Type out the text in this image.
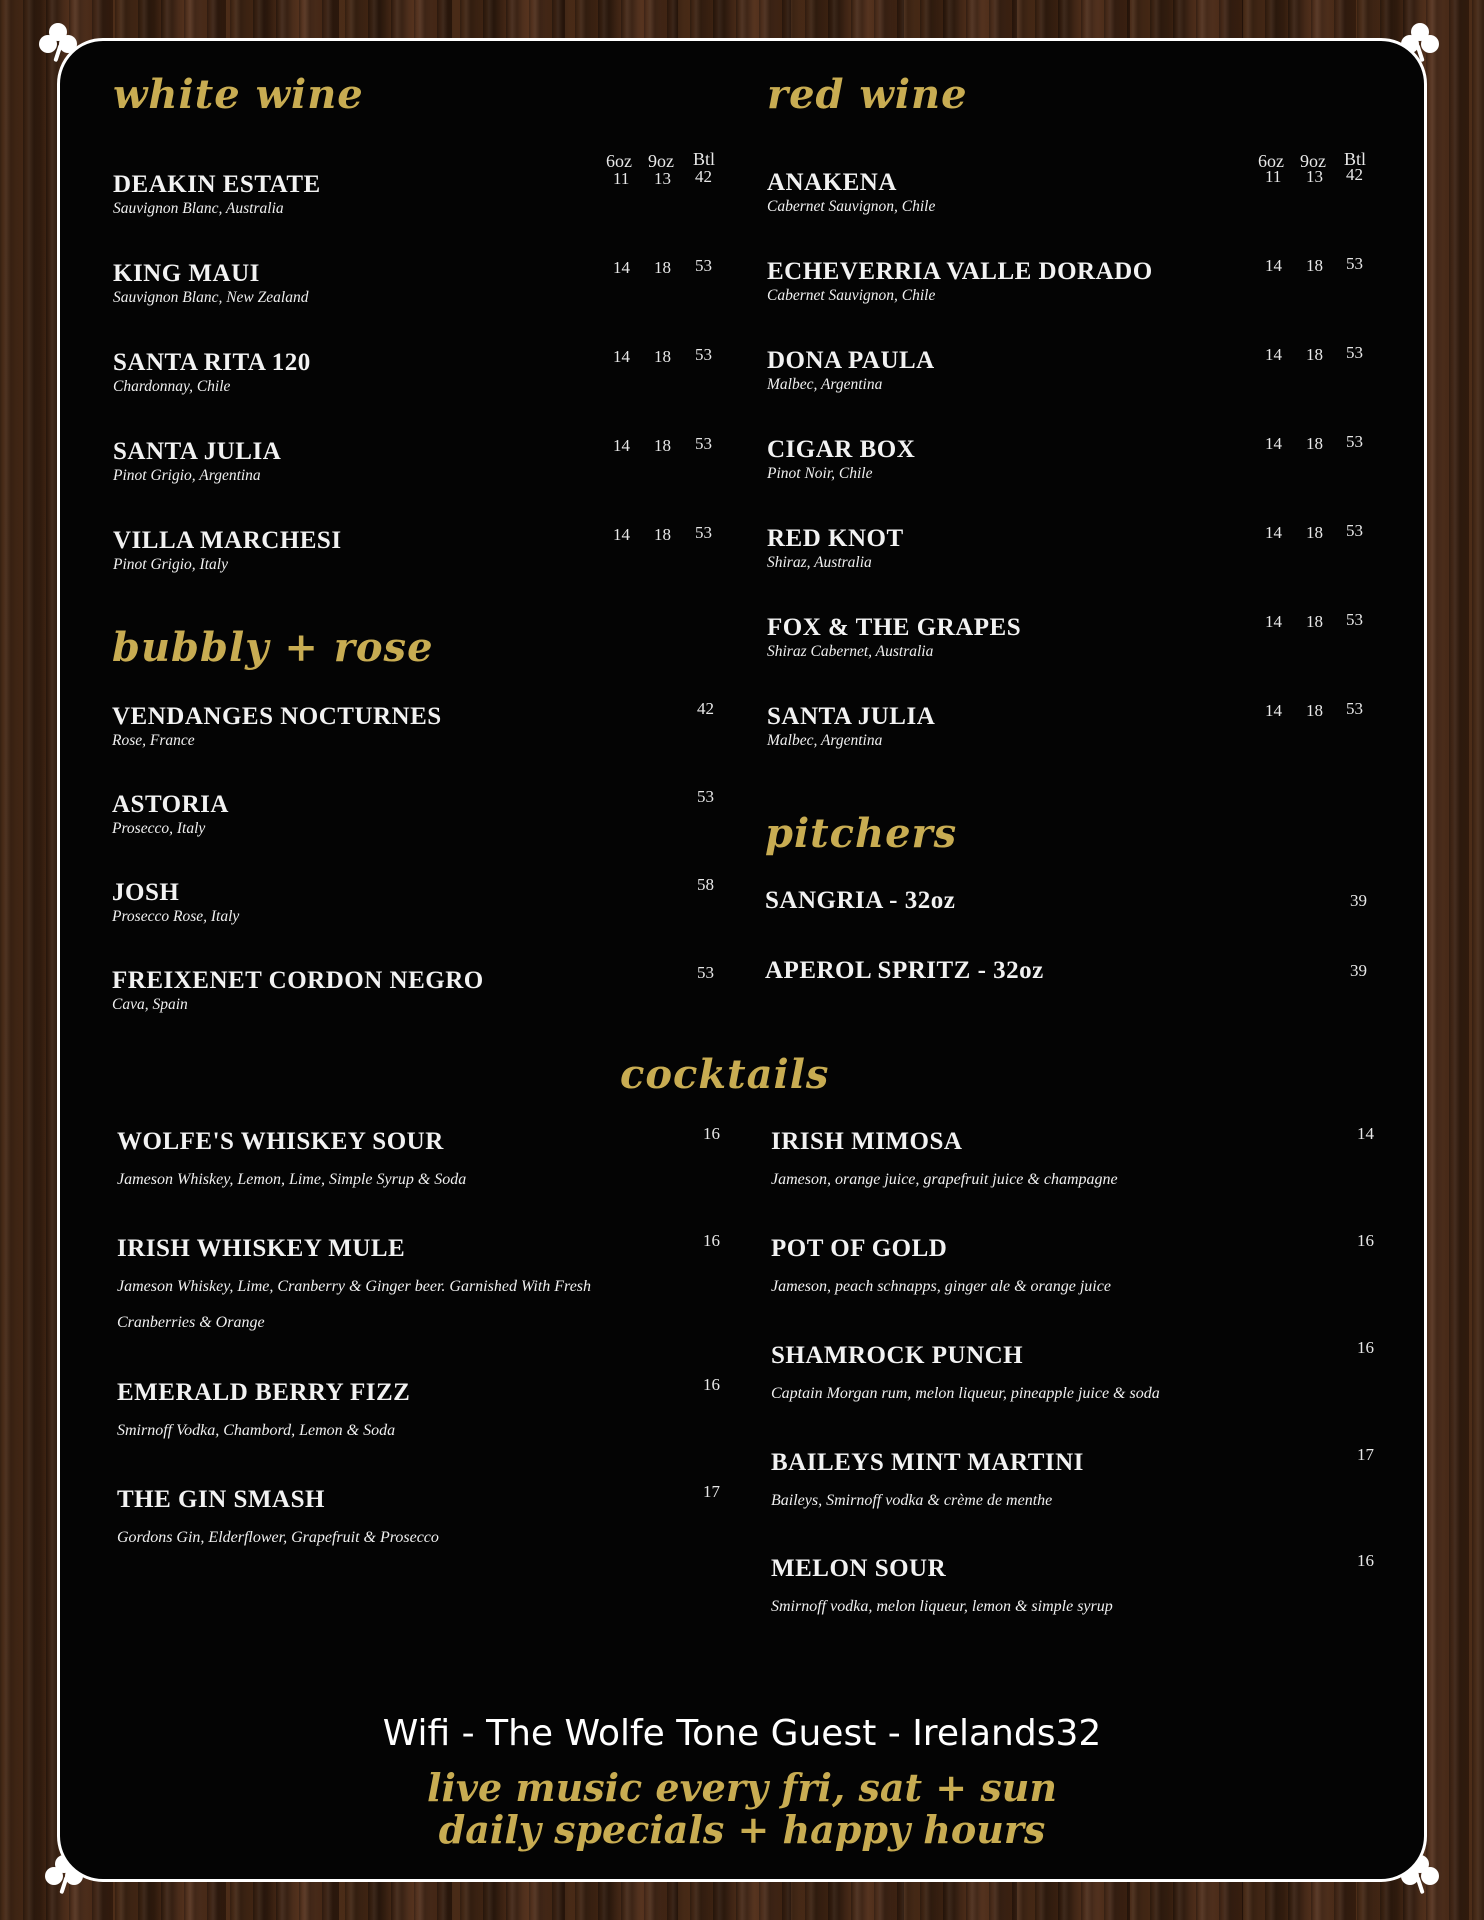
white wine
6oz 9oz Btl
DEAKIN ESTATE
Sauvignon Blanc, Australia
11 13 42
KING MAUI
Sauvignon Blanc, New Zealand
14 18 53
SANTA RITA 120
Chardonnay, Chile
14 18 53
SANTA JULIA
Pinot Grigio, Argentina
14 18 53
VILLA MARCHESI
Pinot Grigio, Italy
14 18 53
bubbly + rose
VENDANGES NOCTURNES
Rose, France
42
ASTORIA
Prosecco, Italy
53
JOSH
Prosecco Rose, Italy
58
FREIXENET CORDON NEGRO
Cava, Spain
53
red wine
6oz 9oz Btl
ANAKENA
Cabernet Sauvignon, Chile
11 13 42
ECHEVERRIA VALLE DORADO
Cabernet Sauvignon, Chile
14 18 53
DONA PAULA
Malbec, Argentina
14 18 53
CIGAR BOX
Pinot Noir, Chile
14 18 53
RED KNOT
Shiraz, Australia
14 18 53
FOX & THE GRAPES
Shiraz Cabernet, Australia
14 18 53
SANTA JULIA
Malbec, Argentina
14 18 53
pitchers
SANGRIA - 32oz	39
APEROL SPRITZ - 32oz	39
cocktails
WOLFE'S WHISKEY SOUR
Jameson Whiskey, Lemon, Lime, Simple Syrup & Soda
16
IRISH WHISKEY MULE
Jameson Whiskey, Lime, Cranberry & Ginger beer. Garnished With Fresh Cranberries & Orange
16
EMERALD BERRY FIZZ
Smirnoff Vodka, Chambord, Lemon & Soda
16
THE GIN SMASH
Gordons Gin, Elderflower, Grapefruit & Prosecco
17
IRISH MIMOSA
Jameson, orange juice, grapefruit juice & champagne
14
POT OF GOLD
Jameson, peach schnapps, ginger ale & orange juice
16
SHAMROCK PUNCH
Captain Morgan rum, melon liqueur, pineapple juice & soda
16
BAILEYS MINT MARTINI
Baileys, Smirnoff vodka & crème de menthe
17
MELON SOUR
Smirnoff vodka, melon liqueur, lemon & simple syrup
16
Wifi - The Wolfe Tone Guest - Irelands32
live music every fri, sat + sun
daily specials + happy hours
